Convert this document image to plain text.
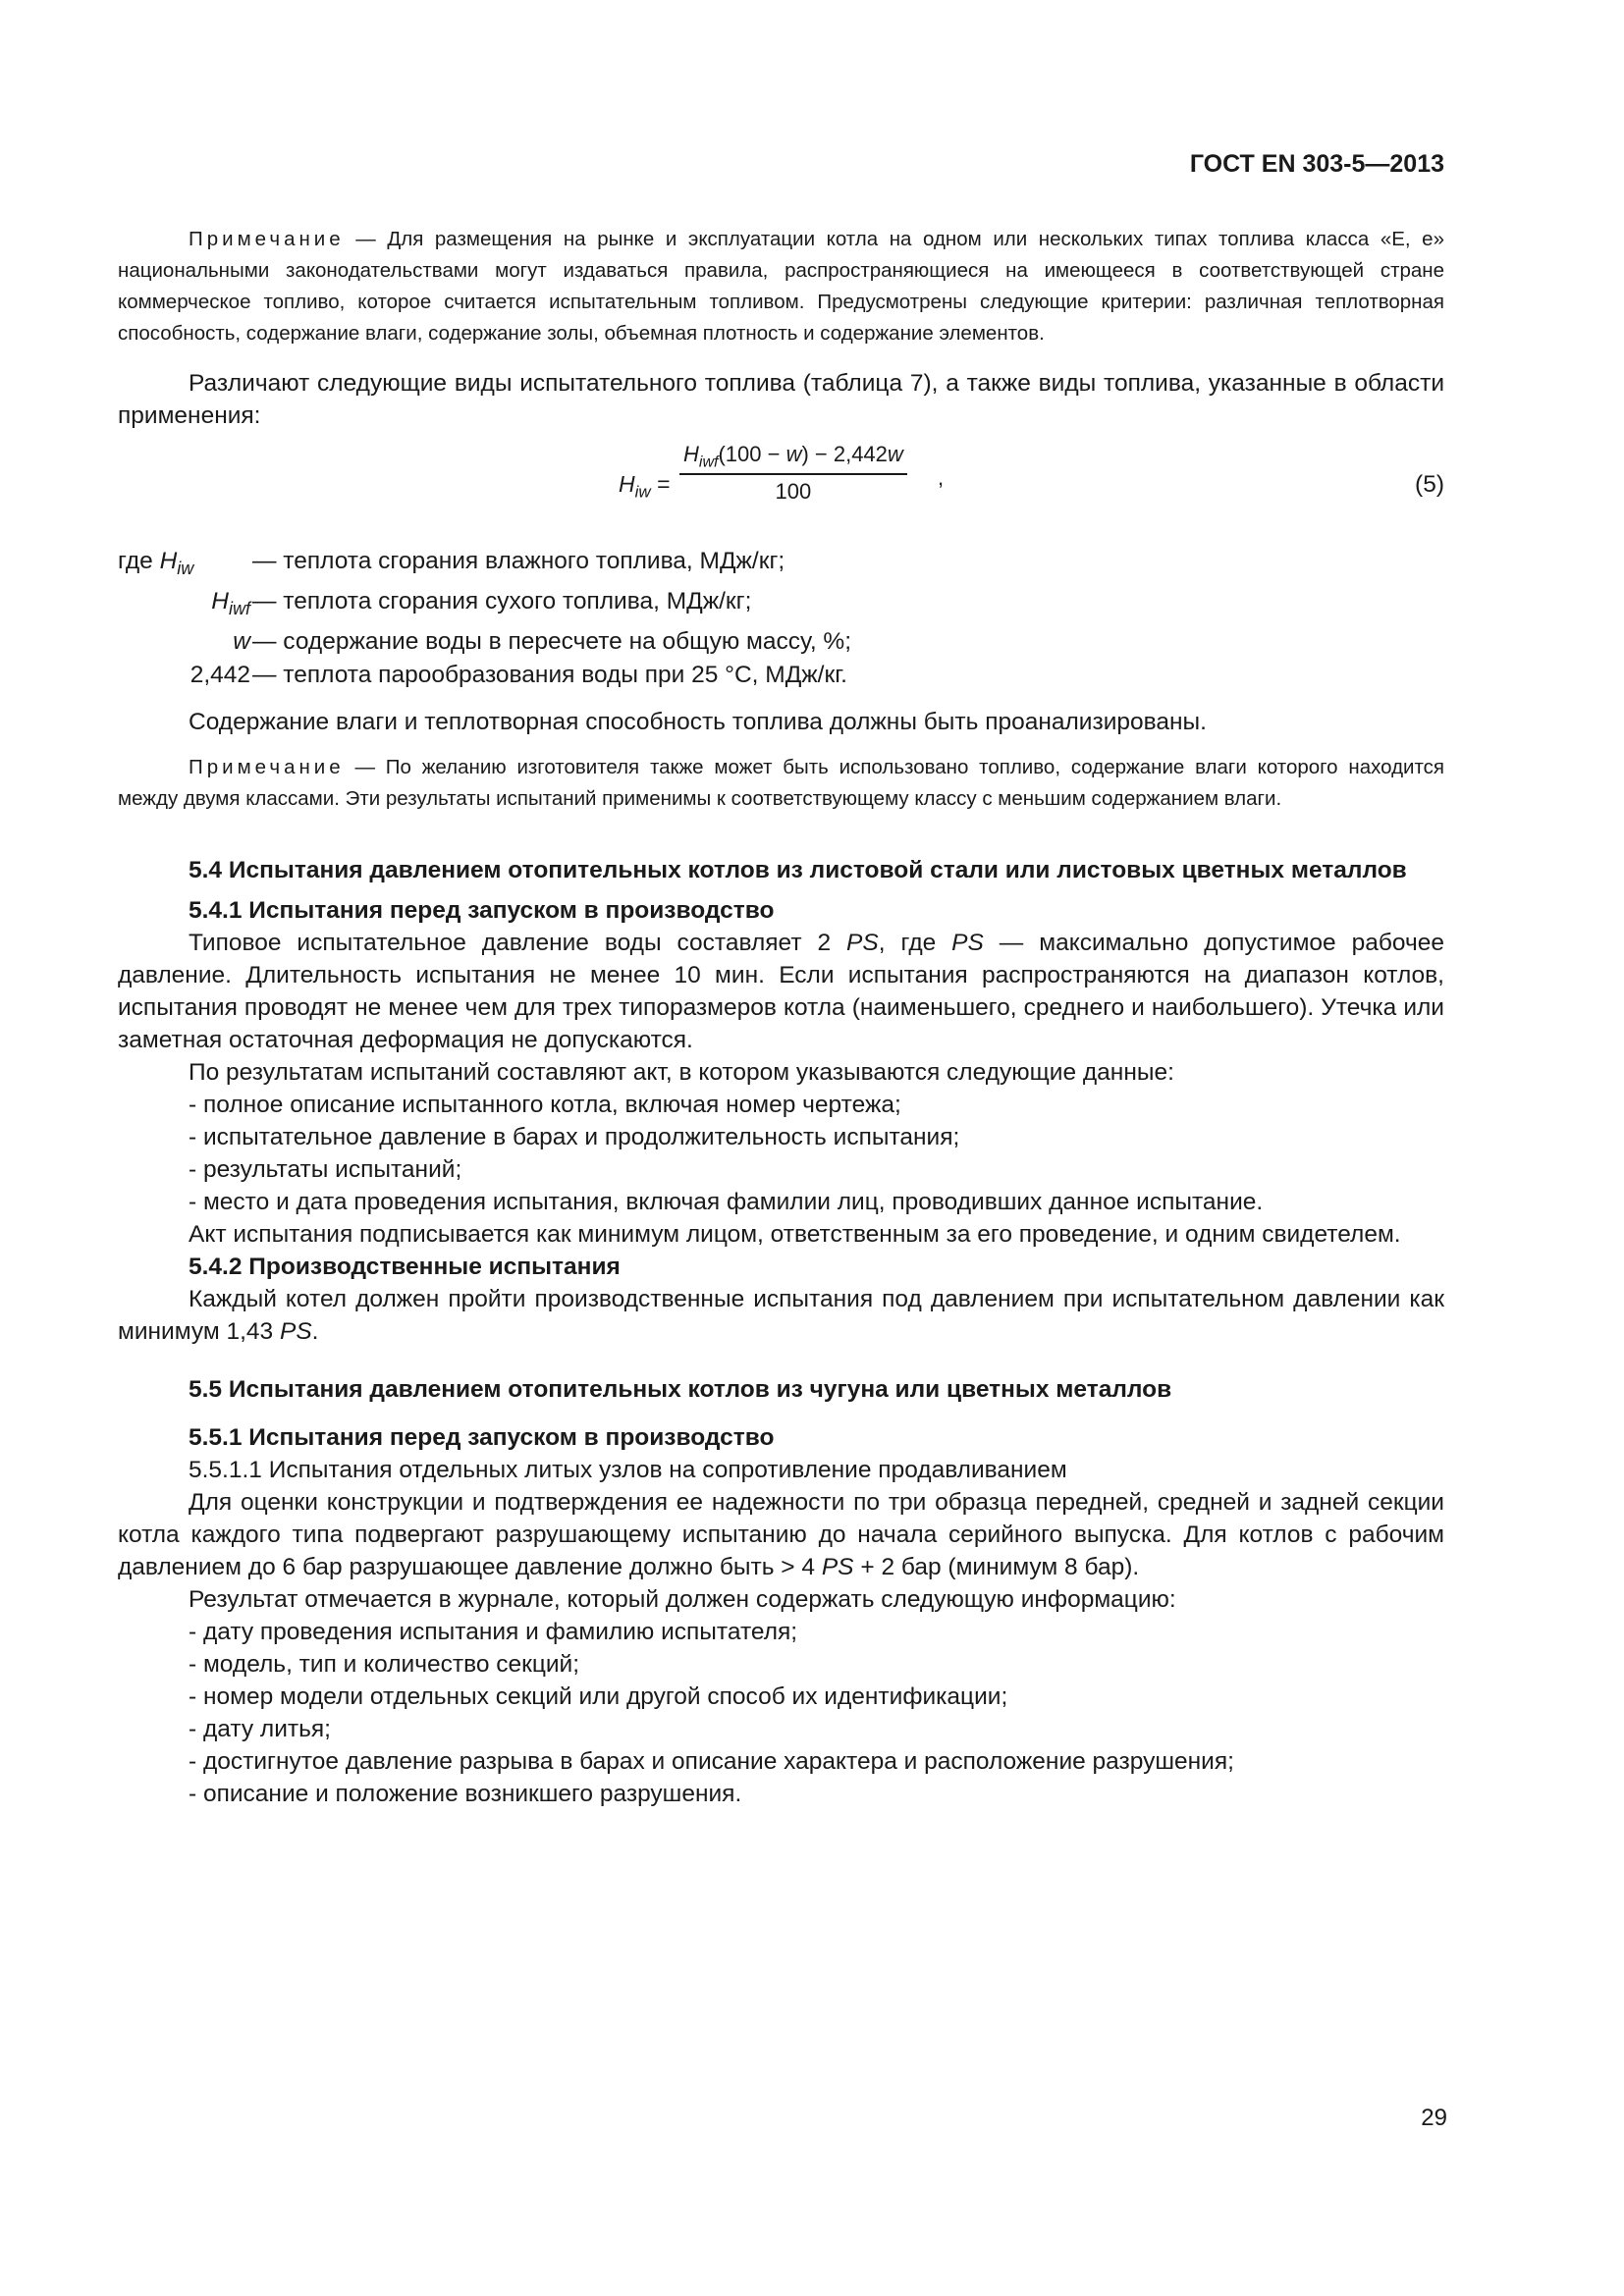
ГОСТ EN 303-5—2013

Примечание — Для размещения на рынке и эксплуатации котла на одном или нескольких типах топлива класса «Е, е» национальными законодательствами могут издаваться правила, распространяющиеся на имеющееся в соответствующей стране коммерческое топливо, которое считается испытательным топливом. Предусмотрены следующие критерии: различная теплотворная способность, содержание влаги, содержание золы, объемная плотность и содержание элементов.

Различают следующие виды испытательного топлива (таблица 7), а также виды топлива, указанные в области применения:

$H_{iw}$ =
$H_{iwf}(100 - w) - 2,442w$
100
,	(5)
где $H_{iw}$	— теплота сгорания влажного топлива, МДж/кг;
$H_{iwf}$ — теплота сгорания сухого топлива, МДж/кг;
w — содержание воды в пересчете на общую массу, %;
2,442 — теплота парообразования воды при 25 °С, МДж/кг.

Содержание влаги и теплотворная способность топлива должны быть проанализированы.

Примечание — По желанию изготовителя также может быть использовано топливо, содержание влаги которого находится между двумя классами. Эти результаты испытаний применимы к соответствующему классу с меньшим содержанием влаги.

5.4 Испытания давлением отопительных котлов из листовой стали или листовых цветных металлов
5.4.1 Испытания перед запуском в производство

Типовое испытательное давление воды составляет 2 PS, где PS — максимально допустимое рабочее давление. Длительность испытания не менее 10 мин. Если испытания распространяются на диапазон котлов, испытания проводят не менее чем для трех типоразмеров котла (наименьшего, среднего и наибольшего). Утечка или заметная остаточная деформация не допускаются.

По результатам испытаний составляют акт, в котором указываются следующие данные:

- полное описание испытанного котла, включая номер чертежа;
- испытательное давление в барах и продолжительность испытания;
- результаты испытаний;
- место и дата проведения испытания, включая фамилии лиц, проводивших данное испытание.

Акт испытания подписывается как минимум лицом, ответственным за его проведение, и одним свидетелем.

5.4.2 Производственные испытания

Каждый котел должен пройти производственные испытания под давлением при испытательном давлении как минимум 1,43 PS.

5.5 Испытания давлением отопительных котлов из чугуна или цветных металлов
5.5.1 Испытания перед запуском в производство

5.5.1.1 Испытания отдельных литых узлов на сопротивление продавливанием

Для оценки конструкции и подтверждения ее надежности по три образца передней, средней и задней секции котла каждого типа подвергают разрушающему испытанию до начала серийного выпуска. Для котлов с рабочим давлением до 6 бар разрушающее давление должно быть > 4 PS + 2 бар (минимум 8 бар).

Результат отмечается в журнале, который должен содержать следующую информацию:

- дату проведения испытания и фамилию испытателя;
- модель, тип и количество секций;
- номер модели отдельных секций или другой способ их идентификации;
- дату литья;
- достигнутое давление разрыва в барах и описание характера и расположение разрушения;
- описание и положение возникшего разрушения.
29
